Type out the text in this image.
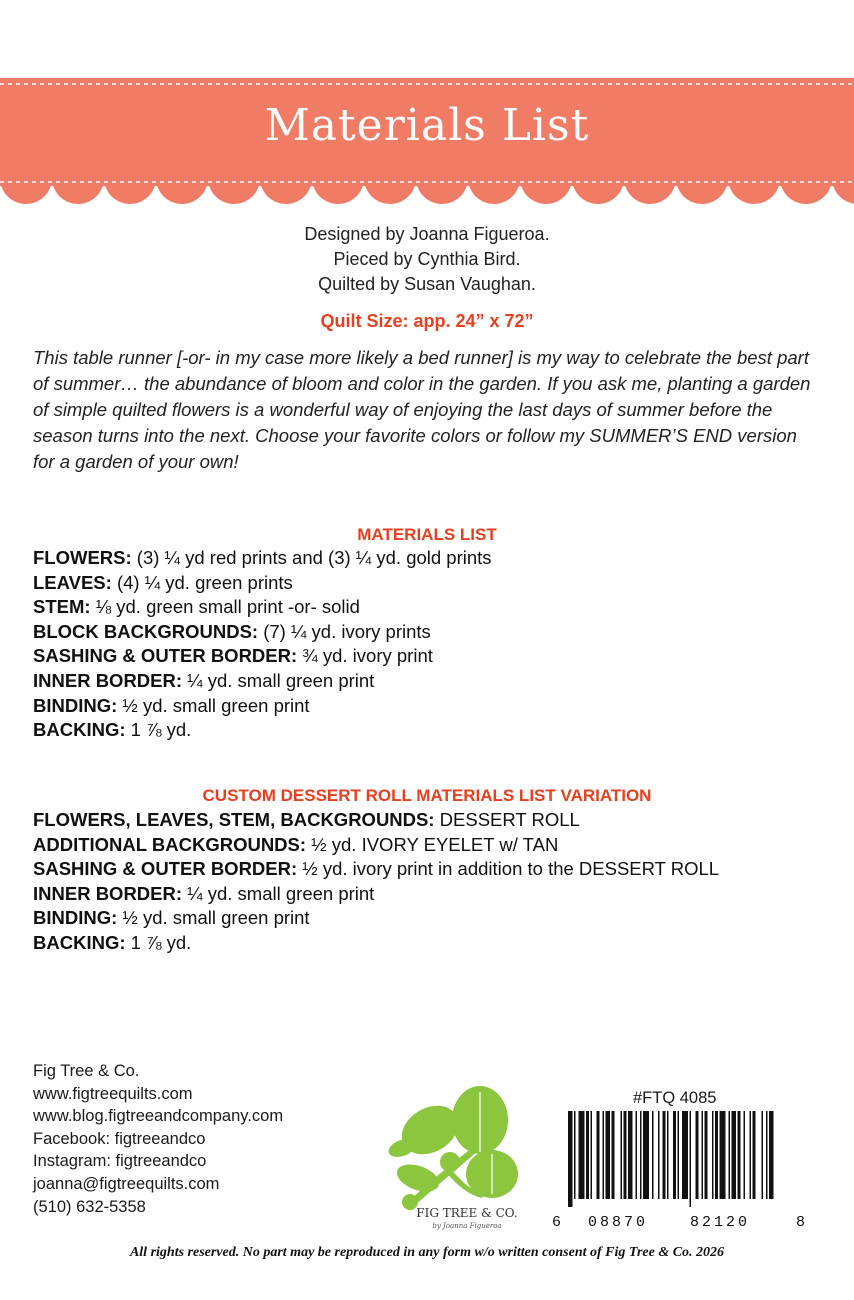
Materials List
Designed by Joanna Figueroa.
Pieced by Cynthia Bird.
Quilted by Susan Vaughan.
Quilt Size: app. 24” x 72”
This table runner [-or- in my case more likely a bed runner] is my way to celebrate the best part of summer… the abundance of bloom and color in the garden. If you ask me, planting a garden of simple quilted flowers is a wonderful way of enjoying the last days of summer before the season turns into the next. Choose your favorite colors or follow my SUMMER’S END version for a garden of your own!
MATERIALS LIST
FLOWERS: (3) ¼ yd red prints and (3) ¼ yd. gold prints
LEAVES: (4) ¼ yd. green prints
STEM: ⅛ yd. green small print -or- solid
BLOCK BACKGROUNDS: (7) ¼ yd. ivory prints
SASHING & OUTER BORDER: ¾ yd. ivory print
INNER BORDER: ¼ yd. small green print
BINDING: ½ yd. small green print
BACKING: 1 ⅞ yd.
CUSTOM DESSERT ROLL MATERIALS LIST VARIATION
FLOWERS, LEAVES, STEM, BACKGROUNDS: DESSERT ROLL
ADDITIONAL BACKGROUNDS: ½ yd. IVORY EYELET w/ TAN
SASHING & OUTER BORDER: ½ yd. ivory print in addition to the DESSERT ROLL
INNER BORDER: ¼ yd. small green print
BINDING: ½ yd. small green print
BACKING: 1 ⅞ yd.
Fig Tree & Co.
www.figtreequilts.com
www.blog.figtreeandcompany.com
Facebook: figtreeandco
Instagram: figtreeandco
joanna@figtreequilts.com
(510) 632-5358	FIG TREE & CO.
by Joanna Figueroa
#FTQ 4085
6 08870	82120	8
All rights reserved. No part may be reproduced in any form w/o written consent of Fig Tree & Co. 2026
